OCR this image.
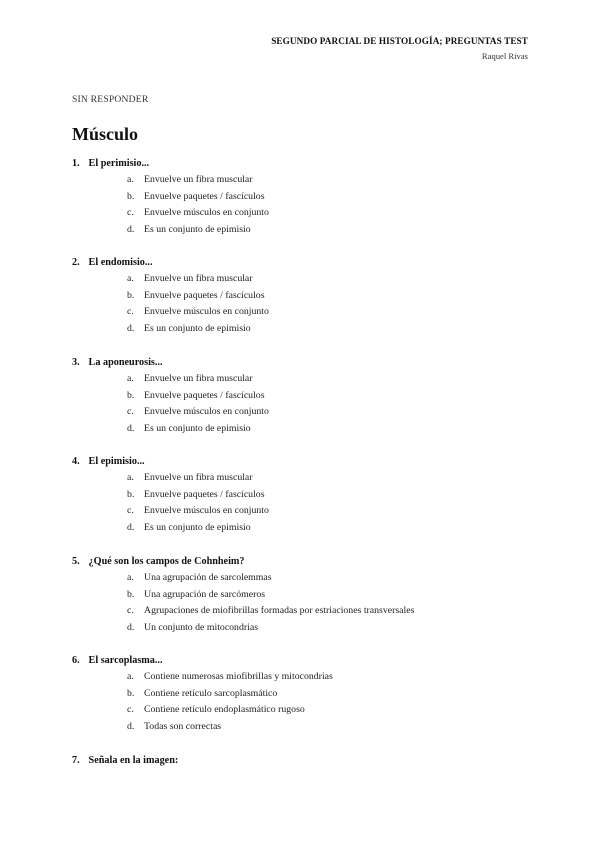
SEGUNDO PARCIAL DE HISTOLOGÍA; PREGUNTAS TEST
Raquel Rivas
SIN RESPONDER
Músculo
1. El perimisio...
a.	Envuelve un fibra muscular
b. Envuelve paquetes / fascículos
c.	Envuelve músculos en conjunto
d. Es un conjunto de epimisio
2. El endomisio...
a.	Envuelve un fibra muscular
b. Envuelve paquetes / fascículos
c.	Envuelve músculos en conjunto
d. Es un conjunto de epimisio
3. La aponeurosis...
a.	Envuelve un fibra muscular
b. Envuelve paquetes / fascículos
c.	Envuelve músculos en conjunto
d. Es un conjunto de epimisio
4. El epimisio...
a.	Envuelve un fibra muscular
b. Envuelve paquetes / fascículos
c.	Envuelve músculos en conjunto
d. Es un conjunto de epimisio
5. ¿Qué son los campos de Cohnheim?
a.	Una agrupación de sarcolemmas
b. Una agrupación de sarcómeros
c.	Agrupaciones de miofibrillas formadas por estriaciones transversales
d. Un conjunto de mitocondrias
6. El sarcoplasma...
a.	Contiene numerosas miofibrillas y mitocondrias
b. Contiene retículo sarcoplasmático
c.	Contiene retículo endoplasmático rugoso
d. Todas son correctas
7. Señala en la imagen:
